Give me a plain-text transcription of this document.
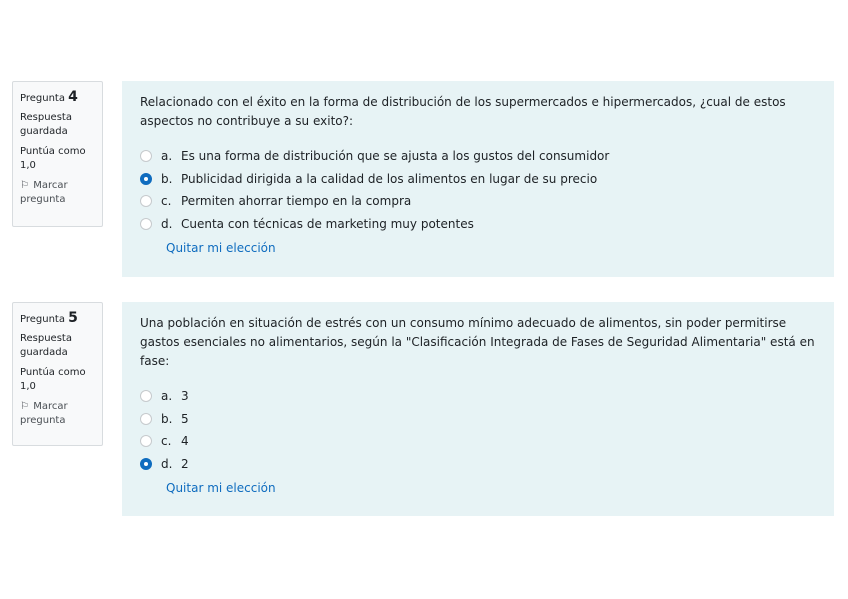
Pregunta 4
Respuesta guardada
Puntúa como 1,0
⚐ Marcar pregunta
Relacionado con el éxito en la forma de distribución de los supermercados e hipermercados, ¿cual de estos aspectos no contribuye a su exito?:
a. Es una forma de distribución que se ajusta a los gustos del consumidor
b. Publicidad dirigida a la calidad de los alimentos en lugar de su precio
c. Permiten ahorrar tiempo en la compra
d. Cuenta con técnicas de marketing muy potentes
Quitar mi elección
Pregunta 5
Respuesta guardada
Puntúa como 1,0
⚐ Marcar pregunta
Una población en situación de estrés con un consumo mínimo adecuado de alimentos, sin poder permitirse gastos esenciales no alimentarios, según la "Clasificación Integrada de Fases de Seguridad Alimentaria" está en fase:
a. 3
b. 5
c. 4
d. 2
Quitar mi elección
